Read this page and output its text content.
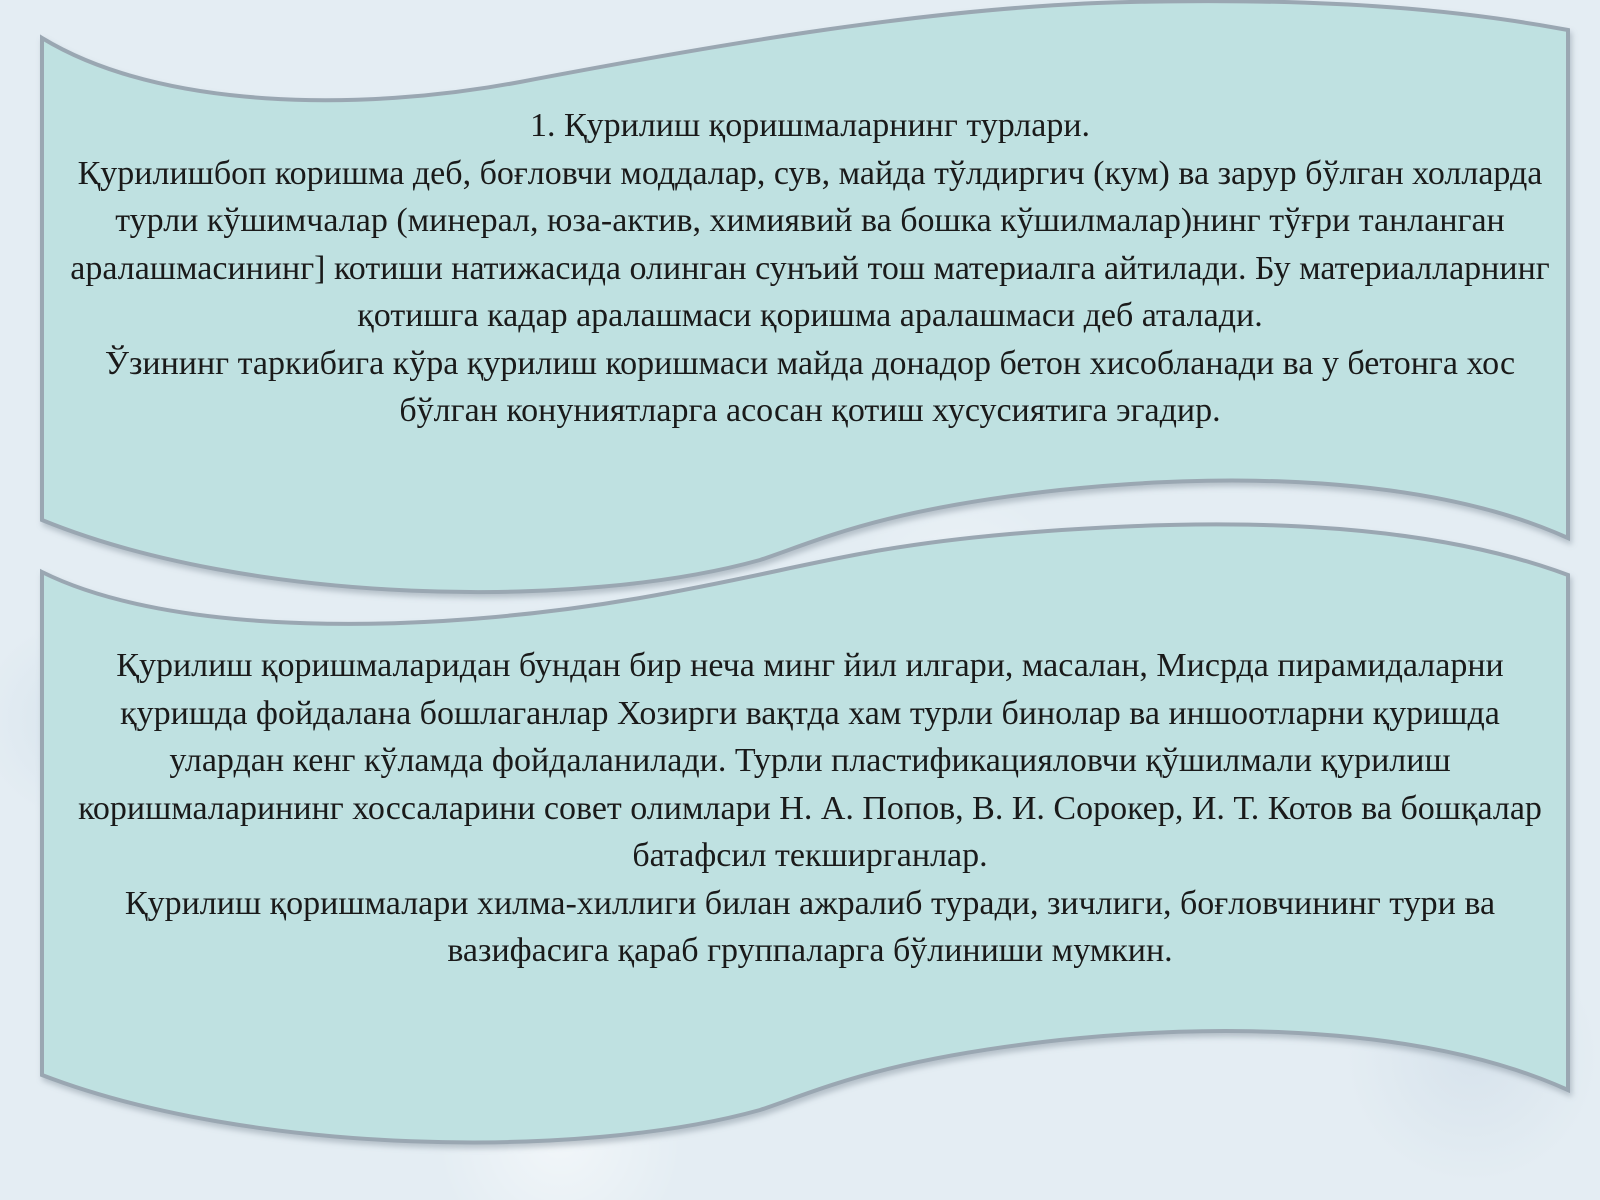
1. Қурилиш қоришмаларнинг турлари.

Қурилишбоп коришма деб, боғловчи моддалар, сув, майда тўлдиргич (кум) ва зарур бўлган холларда турли кўшимчалар (минерал, юза-актив, химиявий ва бошка кўшилмалар)нинг тўғри танланган аралашмасининг] котиши натижасида олинган сунъий тош материалга айтилади. Бу материалларнинг қотишга кадар аралашмаси қоришма аралашмаси деб аталади.

Ўзининг таркибига кўра қурилиш коришмаси майда донадор бетон хисобланади ва у бетонга хос бўлган конуниятларга асосан қотиш хусусиятига эгадир.

Қурилиш қоришмаларидан бундан бир неча минг йил илгари, масалан, Мисрда пирамидаларни қуришда фойдалана бошлаганлар Хозирги вақтда хам турли бинолар ва иншоотларни қуришда улардан кенг кўламда фойдаланилади. Турли пластификацияловчи қўшилмали қурилиш коришмаларининг хоссаларини совет олимлари Н. А. Попов, В. И. Сорокер, И. Т. Котов ва бошқалар батафсил текширганлар.

Қурилиш қоришмалари хилма-хиллиги билан ажралиб туради, зичлиги, боғловчининг тури ва вазифасига қараб группаларга бўлиниши мумкин.
